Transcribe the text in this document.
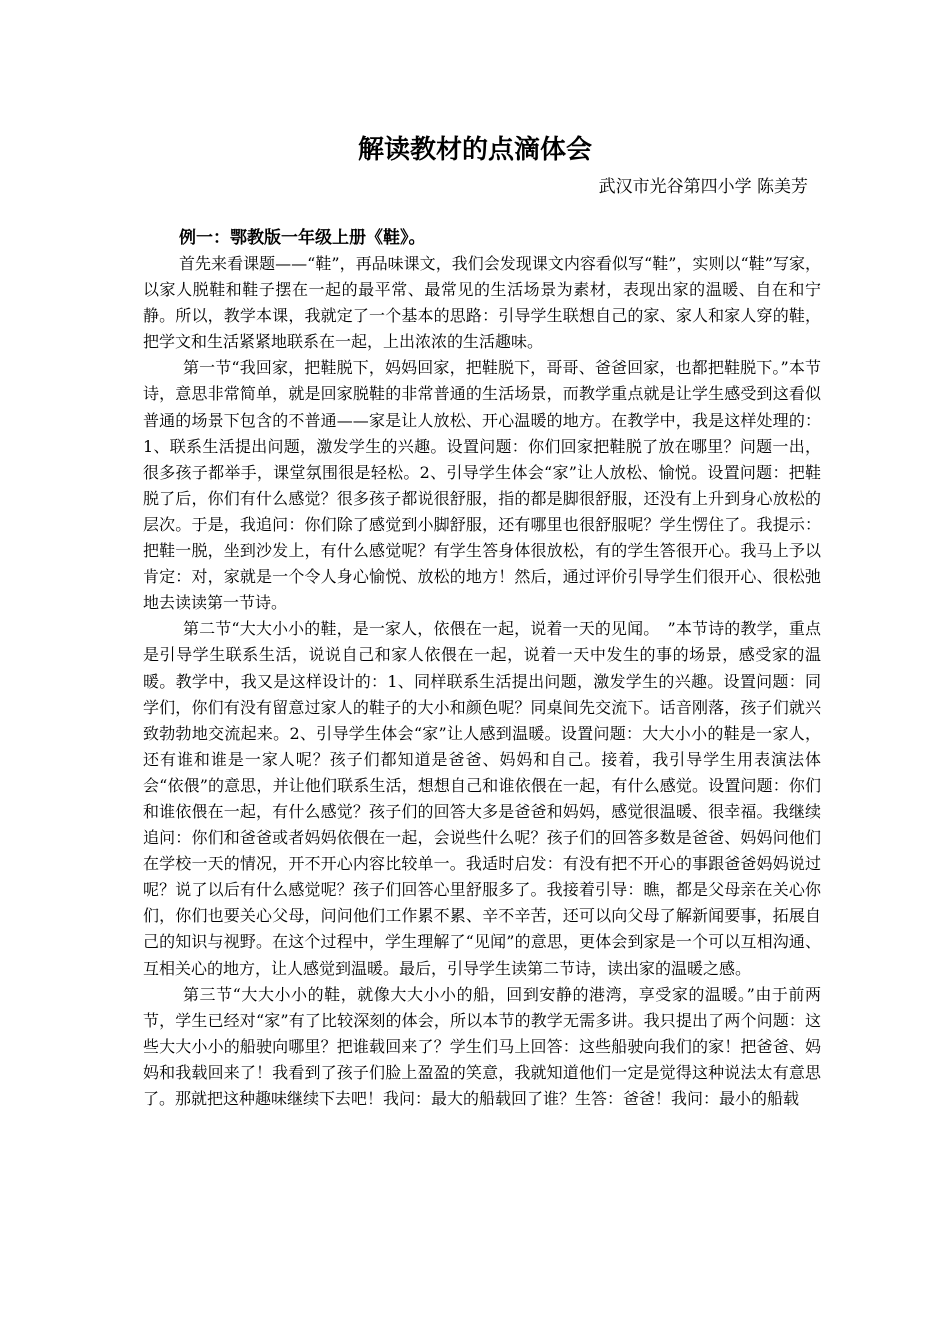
解读教材的点滴体会
武汉市光谷第四小学 陈美芳

例一：鄂教版一年级上册《鞋》。

首先来看课题——“鞋”，再品味课文，我们会发现课文内容看似写“鞋”，实则以“鞋”写家，以家人脱鞋和鞋子摆在一起的最平常、最常见的生活场景为素材，表现出家的温暖、自在和宁静。所以，教学本课，我就定了一个基本的思路：引导学生联想自己的家、家人和家人穿的鞋，把学文和生活紧紧地联系在一起，上出浓浓的生活趣味。

第一节“我回家，把鞋脱下，妈妈回家，把鞋脱下，哥哥、爸爸回家，也都把鞋脱下。”本节诗，意思非常简单，就是回家脱鞋的非常普通的生活场景，而教学重点就是让学生感受到这看似普通的场景下包含的不普通——家是让人放松、开心温暖的地方。在教学中，我是这样处理的：1、联系生活提出问题，激发学生的兴趣。设置问题：你们回家把鞋脱了放在哪里？问题一出，很多孩子都举手，课堂氛围很是轻松。2、引导学生体会“家”让人放松、愉悦。设置问题：把鞋脱了后，你们有什么感觉？很多孩子都说很舒服，指的都是脚很舒服，还没有上升到身心放松的层次。于是，我追问：你们除了感觉到小脚舒服，还有哪里也很舒服呢？学生愣住了。我提示：把鞋一脱，坐到沙发上，有什么感觉呢？有学生答身体很放松，有的学生答很开心。我马上予以肯定：对，家就是一个令人身心愉悦、放松的地方！然后，通过评价引导学生们很开心、很松弛地去读读第一节诗。

第二节“大大小小的鞋，是一家人，依偎在一起，说着一天的见闻。　”本节诗的教学，重点是引导学生联系生活，说说自己和家人依偎在一起，说着一天中发生的事的场景，感受家的温暖。教学中，我又是这样设计的：1、同样联系生活提出问题，激发学生的兴趣。设置问题：同学们，你们有没有留意过家人的鞋子的大小和颜色呢？同桌间先交流下。话音刚落，孩子们就兴致勃勃地交流起来。2、引导学生体会“家”让人感到温暖。设置问题：大大小小的鞋是一家人，还有谁和谁是一家人呢？孩子们都知道是爸爸、妈妈和自己。接着，我引导学生用表演法体会“依偎”的意思，并让他们联系生活，想想自己和谁依偎在一起，有什么感觉。设置问题：你们和谁依偎在一起，有什么感觉？孩子们的回答大多是爸爸和妈妈，感觉很温暖、很幸福。我继续追问：你们和爸爸或者妈妈依偎在一起，会说些什么呢？孩子们的回答多数是爸爸、妈妈问他们在学校一天的情况，开不开心内容比较单一。我适时启发：有没有把不开心的事跟爸爸妈妈说过呢？说了以后有什么感觉呢？孩子们回答心里舒服多了。我接着引导：瞧，都是父母亲在关心你们，你们也要关心父母，问问他们工作累不累、辛不辛苦，还可以向父母了解新闻要事，拓展自己的知识与视野。在这个过程中，学生理解了“见闻”的意思，更体会到家是一个可以互相沟通、互相关心的地方，让人感觉到温暖。最后，引导学生读第二节诗，读出家的温暖之感。

第三节“大大小小的鞋，就像大大小小的船，回到安静的港湾，享受家的温暖。”由于前两节，学生已经对“家”有了比较深刻的体会，所以本节的教学无需多讲。我只提出了两个问题：这些大大小小的船驶向哪里？把谁载回来了？学生们马上回答：这些船驶向我们的家！把爸爸、妈妈和我载回来了！我看到了孩子们脸上盈盈的笑意，我就知道他们一定是觉得这种说法太有意思了。那就把这种趣味继续下去吧！我问：最大的船载回了谁？生答：爸爸！我问：最小的船载
